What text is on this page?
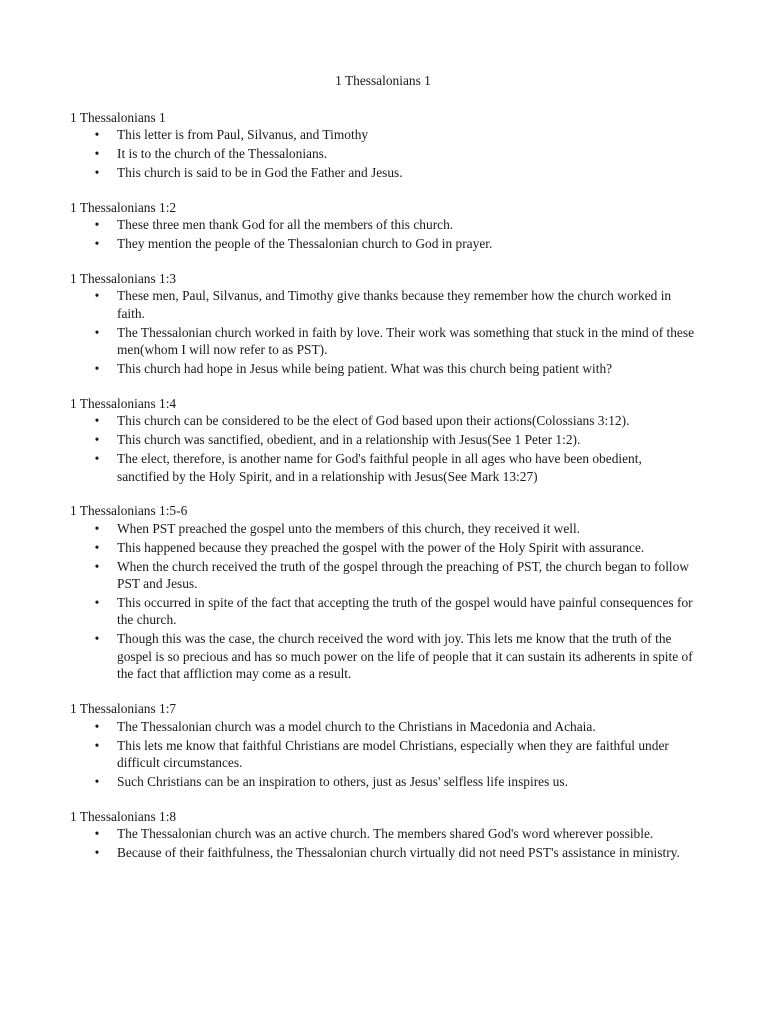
1 Thessalonians 1
1 Thessalonians 1
• This letter is from Paul, Silvanus, and Timothy
• It is to the church of the Thessalonians.
• This church is said to be in God the Father and Jesus.
1 Thessalonians 1:2
• These three men thank God for all the members of this church.
• They mention the people of the Thessalonian church to God in prayer.
1 Thessalonians 1:3
• These men, Paul, Silvanus, and Timothy give thanks because they remember how the church worked in faith.
• The Thessalonian church worked in faith by love. Their work was something that stuck in the mind of these men(whom I will now refer to as PST).
• This church had hope in Jesus while being patient. What was this church being patient with?
1 Thessalonians 1:4
• This church can be considered to be the elect of God based upon their actions(Colossians 3:12).
• This church was sanctified, obedient, and in a relationship with Jesus(See 1 Peter 1:2).
• The elect, therefore, is another name for God's faithful people in all ages who have been obedient, sanctified by the Holy Spirit, and in a relationship with Jesus(See Mark 13:27)
1 Thessalonians 1:5-6
• When PST preached the gospel unto the members of this church, they received it well.
• This happened because they preached the gospel with the power of the Holy Spirit with assurance.
• When the church received the truth of the gospel through the preaching of PST, the church began to follow PST and Jesus.
• This occurred in spite of the fact that accepting the truth of the gospel would have painful consequences for the church.
• Though this was the case, the church received the word with joy. This lets me know that the truth of the gospel is so precious and has so much power on the life of people that it can sustain its adherents in spite of the fact that affliction may come as a result.
1 Thessalonians 1:7
• The Thessalonian church was a model church to the Christians in Macedonia and Achaia.
• This lets me know that faithful Christians are model Christians, especially when they are faithful under difficult circumstances.
• Such Christians can be an inspiration to others, just as Jesus' selfless life inspires us.
1 Thessalonians 1:8
• The Thessalonian church was an active church. The members shared God's word wherever possible.
• Because of their faithfulness, the Thessalonian church virtually did not need PST's assistance in ministry.
